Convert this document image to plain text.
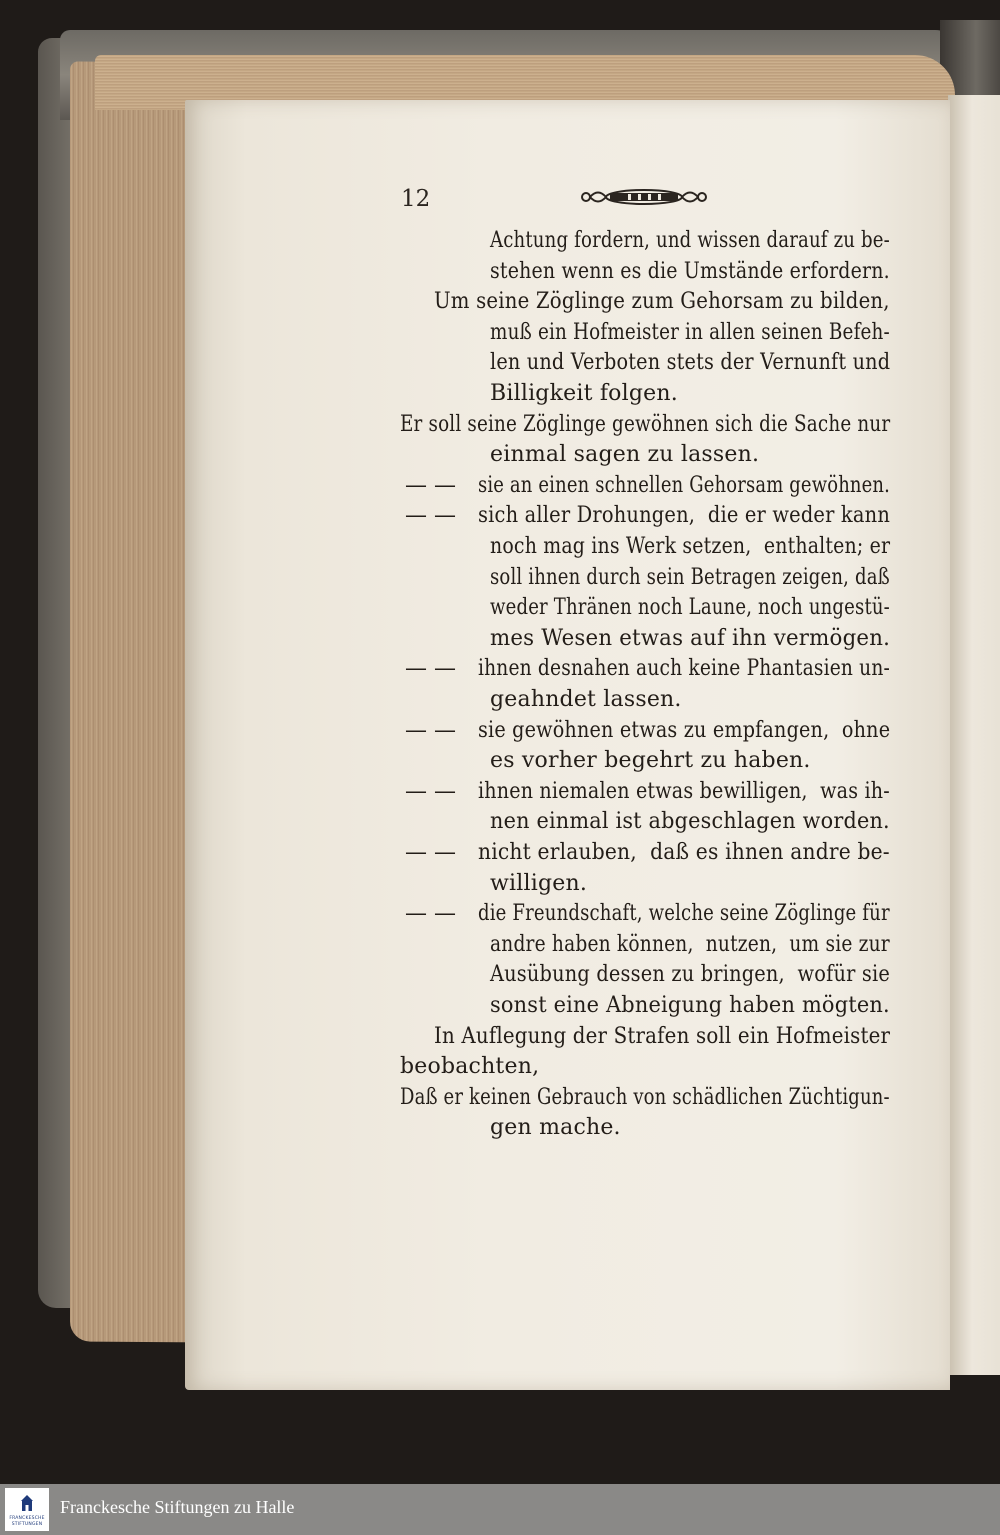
12
Achtung fordern, und wissen darauf zu be-
stehen wenn es die Umstände erfordern.
Um seine Zöglinge zum Gehorsam zu bilden,
muß ein Hofmeister in allen seinen Befeh-
len und Verboten stets der Vernunft und
Billigkeit folgen.
Er soll seine Zöglinge gewöhnen sich die Sache nur
einmal sagen zu lassen.
— — sie an einen schnellen Gehorsam gewöhnen.
— — sich aller Drohungen,  die er weder kann
noch mag ins Werk setzen,  enthalten; er
soll ihnen durch sein Betragen zeigen, daß
weder Thränen noch Laune, noch ungestü-
mes Wesen etwas auf ihn vermögen.
— — ihnen desnahen auch keine Phantasien un-
geahndet lassen.
— — sie gewöhnen etwas zu empfangen,  ohne
es vorher begehrt zu haben.
— — ihnen niemalen etwas bewilligen,  was ih-
nen einmal ist abgeschlagen worden.
— — nicht erlauben,  daß es ihnen andre be-
willigen.
— — die Freundschaft, welche seine Zöglinge für
andre haben können,  nutzen,  um sie zur
Ausübung dessen zu bringen,  wofür sie
sonst eine Abneigung haben mögten.
In Auflegung der Strafen soll ein Hofmeister
beobachten,
Daß er keinen Gebrauch von schädlichen Züchtigun-
gen mache.
FRANCKESCHE
STIFTUNGEN
Franckesche Stiftungen zu Halle
